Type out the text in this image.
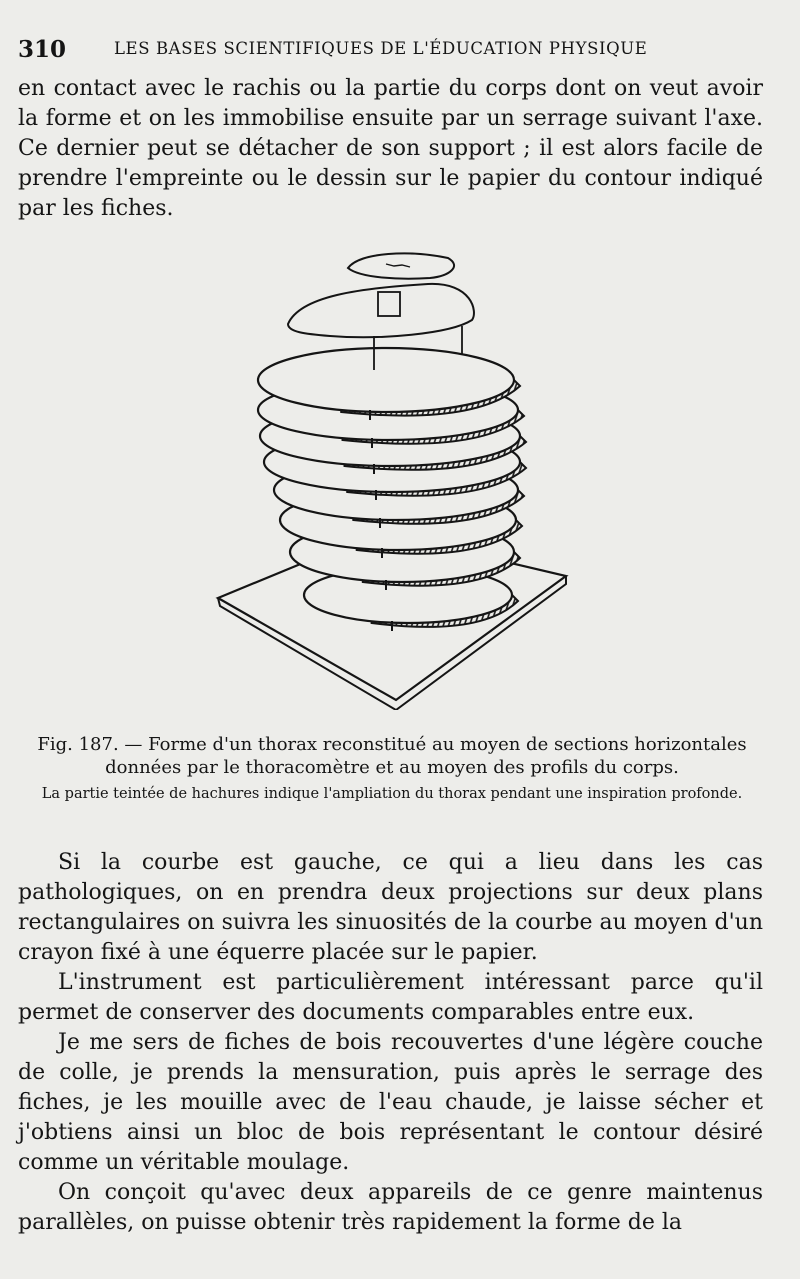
310	LES BASES SCIENTIFIQUES DE L'ÉDUCATION PHYSIQUE

en contact avec le rachis ou la partie du corps dont on veut avoir la forme et on les immobilise ensuite par un serrage suivant l'axe. Ce dernier peut se détacher de son support ; il est alors facile de prendre l'empreinte ou le dessin sur le papier du contour indiqué par les fiches.

Fig. 187. — Forme d'un thorax reconstitué au moyen de sections horizontales données par le thoracomètre et au moyen des profils du corps.

La partie teintée de hachures indique l'ampliation du thorax pendant une inspiration profonde.

Si la courbe est gauche, ce qui a lieu dans les cas pathologiques, on en prendra deux projections sur deux plans rectangulaires on suivra les sinuosités de la courbe au moyen d'un crayon fixé à une équerre placée sur le papier.

L'instrument est particulièrement intéressant parce qu'il permet de conserver des documents comparables entre eux.

Je me sers de fiches de bois recouvertes d'une légère couche de colle, je prends la mensuration, puis après le serrage des fiches, je les mouille avec de l'eau chaude, je laisse sécher et j'obtiens ainsi un bloc de bois représentant le contour désiré comme un véritable moulage.

On conçoit qu'avec deux appareils de ce genre maintenus parallèles, on puisse obtenir très rapidement la forme de la
